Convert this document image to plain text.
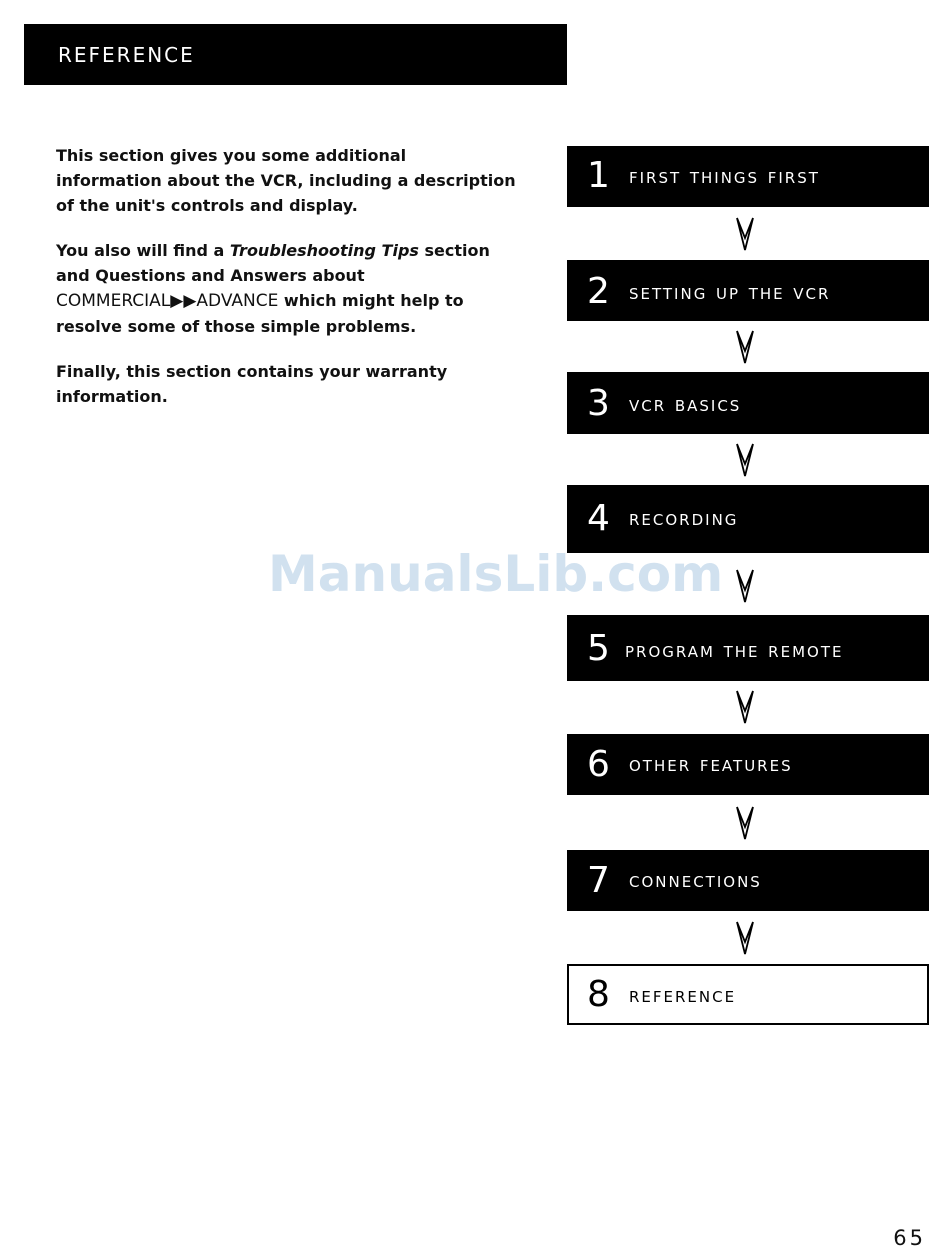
reference

This section gives you some additional information about the VCR, including a description of the unit's controls and display.

You also will find a Troubleshooting Tips section and Questions and Answers about COMMERCIAL▶▶ADVANCE which might help to resolve some of those simple problems.

Finally, this section contains your warranty information.

1 first things first
2 setting up the vcr
3 vcr basics
4 recording
5 program the remote
6 other features
7 connections
8 reference
ManualsLib.com
65
